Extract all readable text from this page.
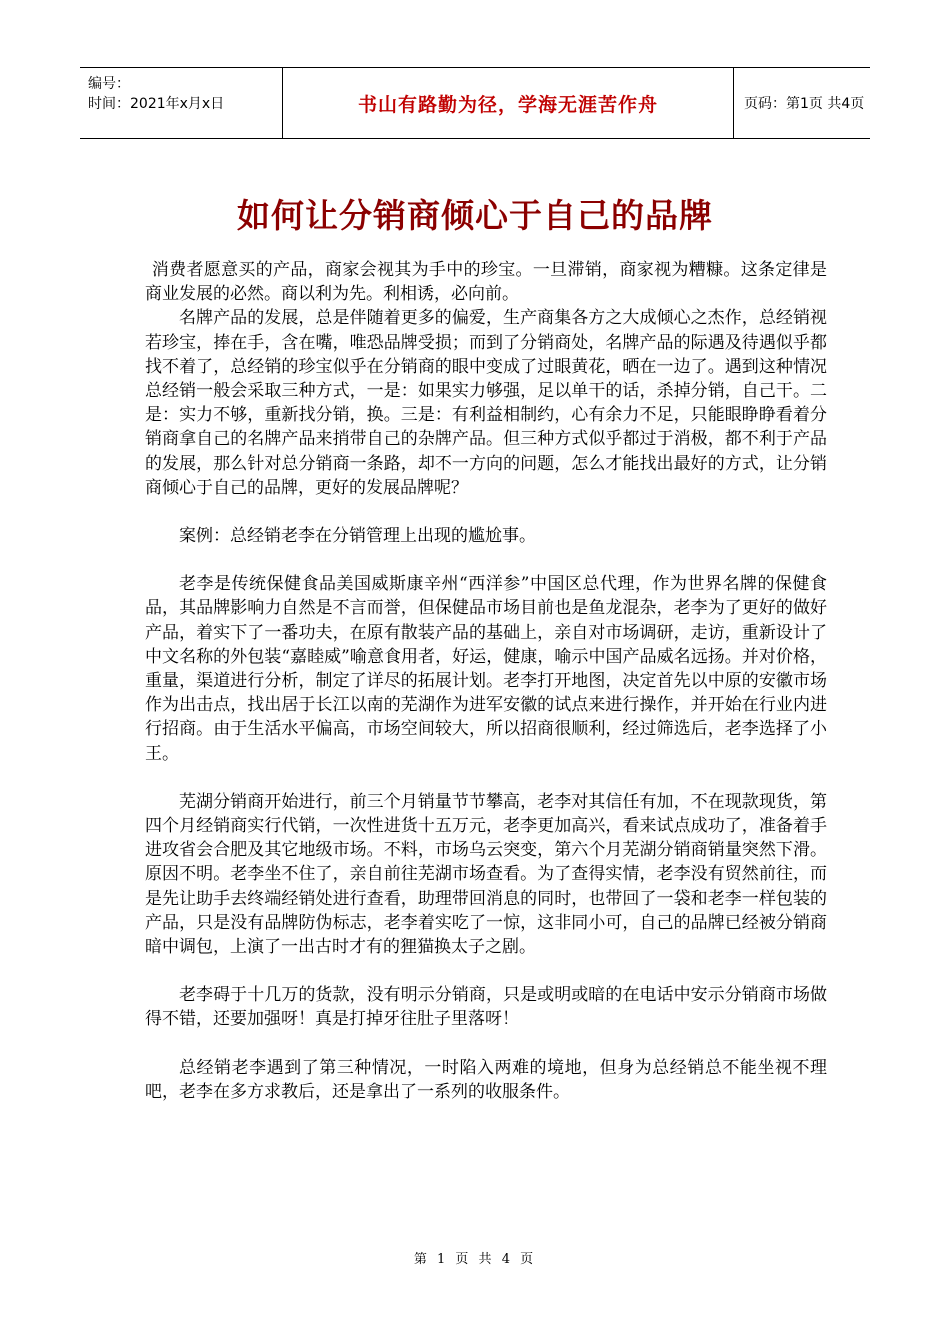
编号：
时间：2021年x月x日	书山有路勤为径，学海无涯苦作舟	页码：第1页 共4页
如何让分销商倾心于自己的品牌

消费者愿意买的产品，商家会视其为手中的珍宝。一旦滞销，商家视为糟糠。这条定律是商业发展的必然。商以利为先。利相诱，必向前。

名牌产品的发展，总是伴随着更多的偏爱，生产商集各方之大成倾心之杰作，总经销视若珍宝，捧在手，含在嘴，唯恐品牌受损；而到了分销商处，名牌产品的际遇及待遇似乎都找不着了，总经销的珍宝似乎在分销商的眼中变成了过眼黄花，晒在一边了。遇到这种情况总经销一般会采取三种方式，一是：如果实力够强，足以单干的话，杀掉分销，自己干。二是：实力不够，重新找分销，换。三是：有利益相制约，心有余力不足，只能眼睁睁看着分销商拿自己的名牌产品来捎带自己的杂牌产品。但三种方式似乎都过于消极，都不利于产品的发展，那么针对总分销商一条路，却不一方向的问题，怎么才能找出最好的方式，让分销商倾心于自己的品牌，更好的发展品牌呢？

案例：总经销老李在分销管理上出现的尴尬事。

老李是传统保健食品美国威斯康辛州“西洋参”中国区总代理，作为世界名牌的保健食品，其品牌影响力自然是不言而誉，但保健品市场目前也是鱼龙混杂，老李为了更好的做好产品，着实下了一番功夫，在原有散装产品的基础上，亲自对市场调研，走访，重新设计了中文名称的外包装“嘉睦威”喻意食用者，好运，健康，喻示中国产品威名远扬。并对价格，重量，渠道进行分析，制定了详尽的拓展计划。老李打开地图，决定首先以中原的安徽市场作为出击点，找出居于长江以南的芜湖作为进军安徽的试点来进行操作，并开始在行业内进行招商。由于生活水平偏高，市场空间较大，所以招商很顺利，经过筛选后，老李选择了小王。

芜湖分销商开始进行，前三个月销量节节攀高，老李对其信任有加，不在现款现货，第四个月经销商实行代销，一次性进货十五万元，老李更加高兴，看来试点成功了，准备着手进攻省会合肥及其它地级市场。不料，市场乌云突变，第六个月芜湖分销商销量突然下滑。原因不明。老李坐不住了，亲自前往芜湖市场查看。为了查得实情，老李没有贸然前往，而是先让助手去终端经销处进行查看，助理带回消息的同时，也带回了一袋和老李一样包装的产品，只是没有品牌防伪标志，老李着实吃了一惊，这非同小可，自己的品牌已经被分销商暗中调包，上演了一出古时才有的狸猫换太子之剧。

老李碍于十几万的货款，没有明示分销商，只是或明或暗的在电话中安示分销商市场做得不错，还要加强呀！真是打掉牙往肚子里落呀！

总经销老李遇到了第三种情况，一时陷入两难的境地，但身为总经销总不能坐视不理吧，老李在多方求教后，还是拿出了一系列的收服条件。

第 1 页 共 4 页
